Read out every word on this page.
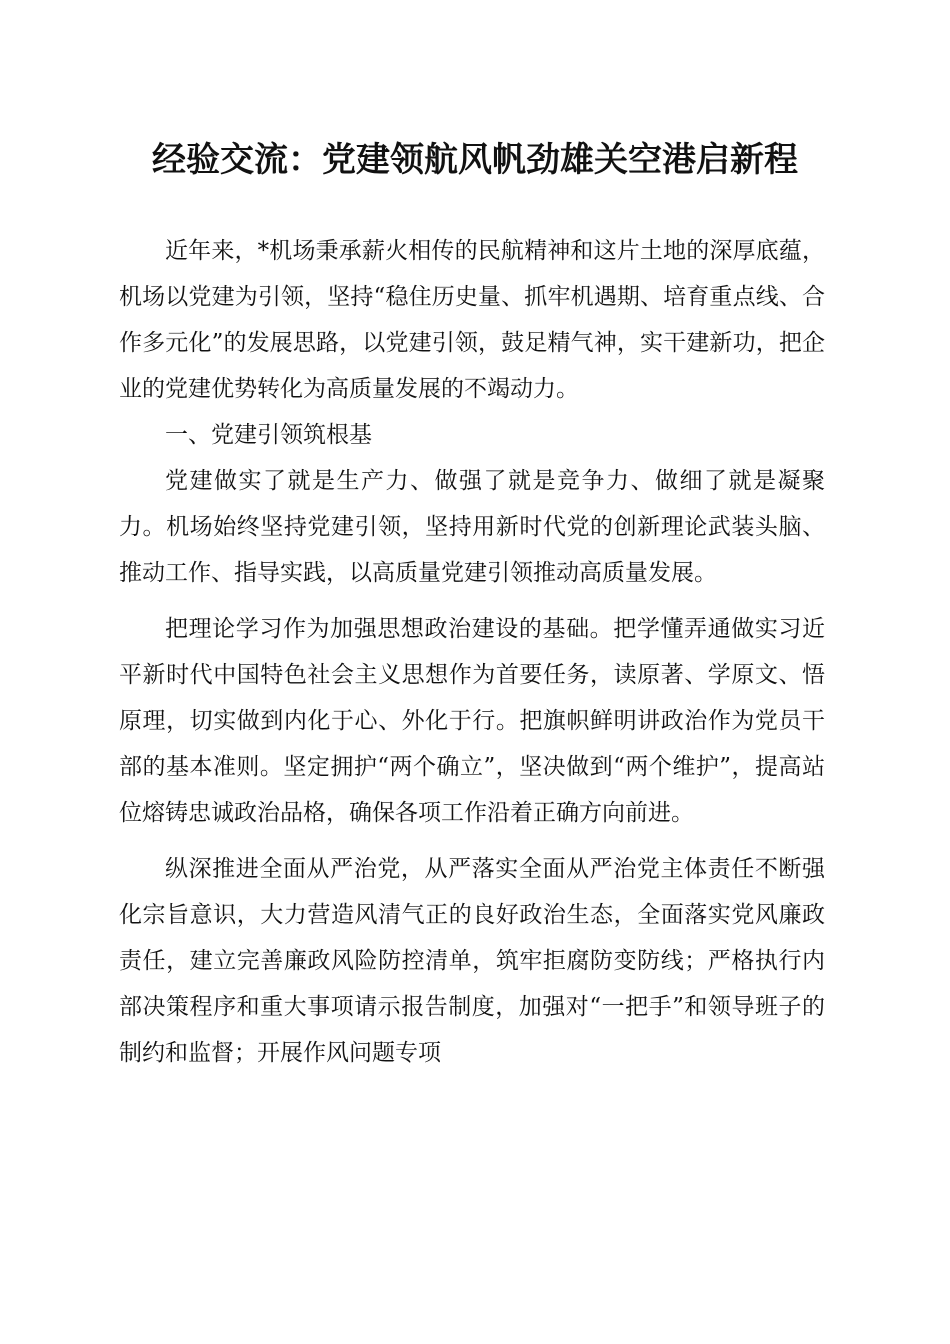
经验交流：党建领航风帆劲雄关空港启新程

近年来，*机场秉承薪火相传的民航精神和这片土地的深厚底蕴，机场以党建为引领，坚持“稳住历史量、抓牢机遇期、培育重点线、合作多元化”的发展思路，以党建引领，鼓足精气神，实干建新功，把企业的党建优势转化为高质量发展的不竭动力。

一、党建引领筑根基

党建做实了就是生产力、做强了就是竞争力、做细了就是凝聚力。机场始终坚持党建引领，坚持用新时代党的创新理论武装头脑、推动工作、指导实践，以高质量党建引领推动高质量发展。

把理论学习作为加强思想政治建设的基础。把学懂弄通做实习近平新时代中国特色社会主义思想作为首要任务，读原著、学原文、悟原理，切实做到内化于心、外化于行。把旗帜鲜明讲政治作为党员干部的基本准则。坚定拥护“两个确立”，坚决做到“两个维护”，提高站位熔铸忠诚政治品格，确保各项工作沿着正确方向前进。

纵深推进全面从严治党，从严落实全面从严治党主体责任不断强化宗旨意识，大力营造风清气正的良好政治生态，全面落实党风廉政责任，建立完善廉政风险防控清单，筑牢拒腐防变防线；严格执行内部决策程序和重大事项请示报告制度，加强对“一把手”和领导班子的制约和监督；开展作风问题专项
